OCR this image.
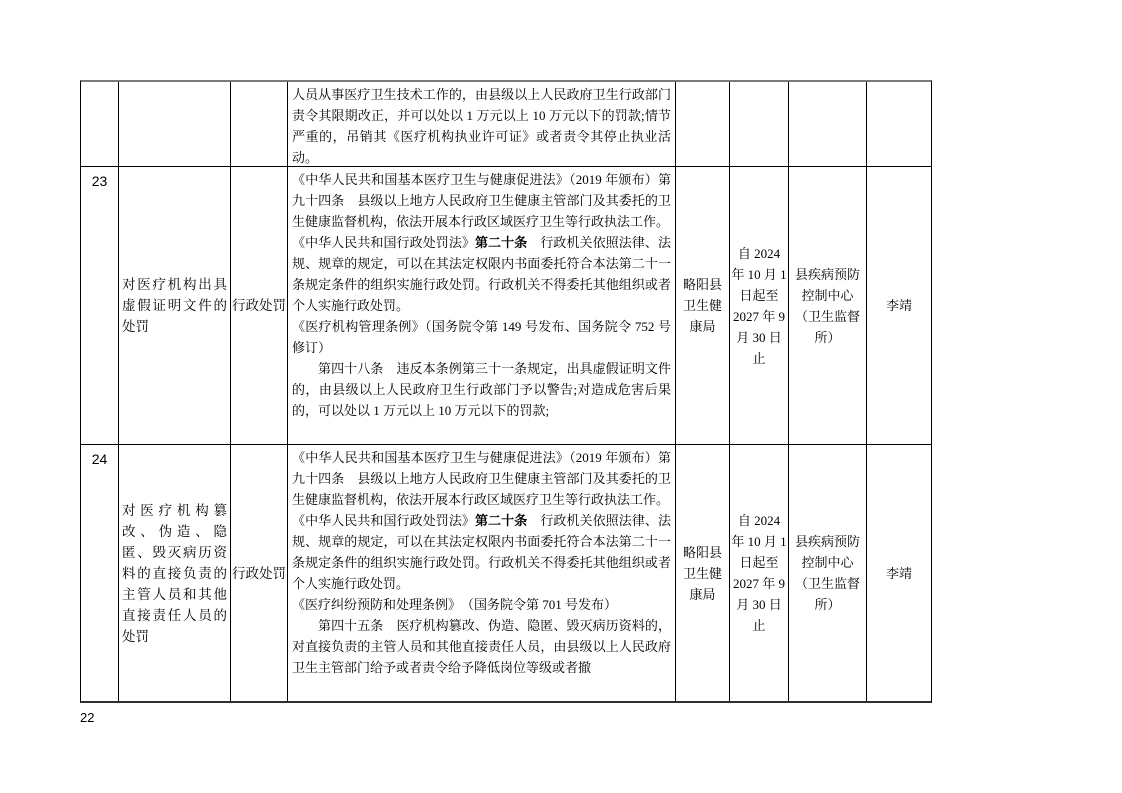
人员从事医疗卫生技术工作的，由县级以上人民政府卫生行政部门责令其限期改正，并可以处以 1 万元以上 10 万元以下的罚款;情节严重的，吊销其《医疗机构执业许可证》或者责令其停止执业活动。

23
对医疗机构出具虚假证明文件的处罚
行政处罚

《中华人民共和国基本医疗卫生与健康促进法》（2019 年颁布）第九十四条　县级以上地方人民政府卫生健康主管部门及其委托的卫生健康监督机构，依法开展本行政区域医疗卫生等行政执法工作。

《中华人民共和国行政处罚法》第二十条　行政机关依照法律、法规、规章的规定，可以在其法定权限内书面委托符合本法第二十一条规定条件的组织实施行政处罚。行政机关不得委托其他组织或者个人实施行政处罚。

《医疗机构管理条例》（国务院令第 149 号发布、国务院令 752 号修订）

第四十八条　违反本条例第三十一条规定，出具虚假证明文件的，由县级以上人民政府卫生行政部门予以警告;对造成危害后果的，可以处以 1 万元以上 10 万元以下的罚款;

略阳县卫生健康局
自 2024 年 10 月 1 日起至 2027 年 9 月 30 日止
县疾病预防控制中心（卫生监督所）
李靖
24
对医疗机构篡改、伪造、隐匿、毁灭病历资料的直接负责的主管人员和其他直接责任人员的处罚
行政处罚

《中华人民共和国基本医疗卫生与健康促进法》（2019 年颁布）第九十四条　县级以上地方人民政府卫生健康主管部门及其委托的卫生健康监督机构，依法开展本行政区域医疗卫生等行政执法工作。

《中华人民共和国行政处罚法》第二十条　行政机关依照法律、法规、规章的规定，可以在其法定权限内书面委托符合本法第二十一条规定条件的组织实施行政处罚。行政机关不得委托其他组织或者个人实施行政处罚。

《医疗纠纷预防和处理条例》　（国务院令第 701 号发布）

第四十五条　医疗机构篡改、伪造、隐匿、毁灭病历资料的，对直接负责的主管人员和其他直接责任人员，由县级以上人民政府卫生主管部门给予或者责令给予降低岗位等级或者撤

略阳县卫生健康局
自 2024 年 10 月 1 日起至 2027 年 9 月 30 日止
县疾病预防控制中心（卫生监督所）
李靖
22
